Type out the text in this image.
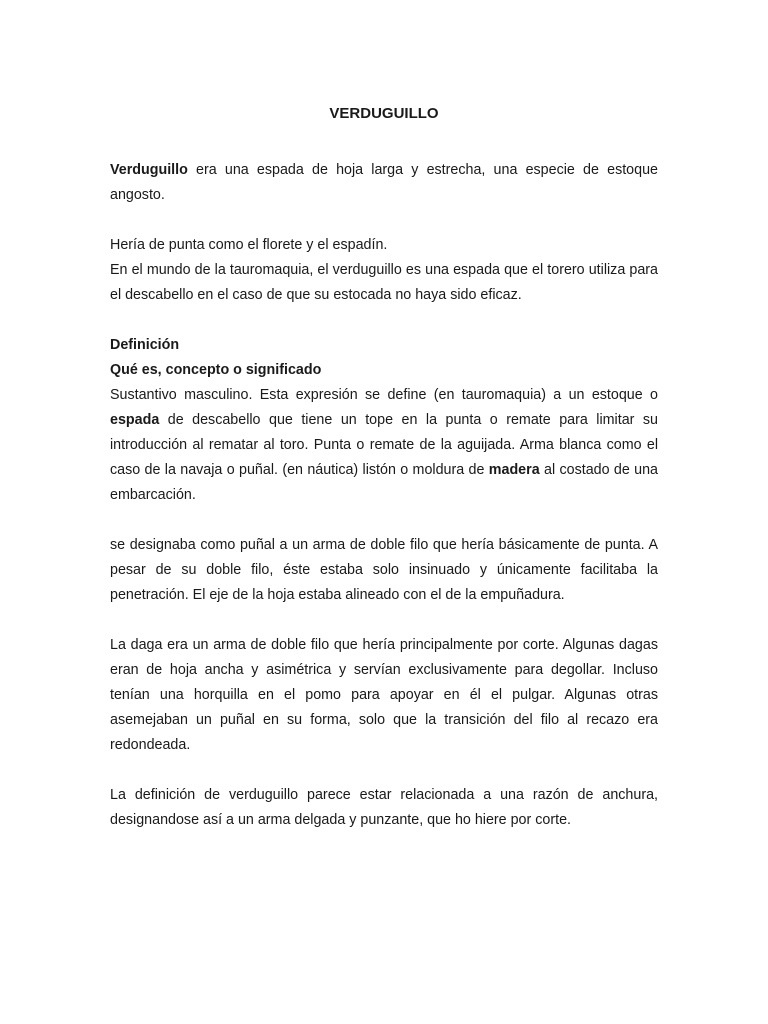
VERDUGUILLO

Verduguillo era una espada de hoja larga y estrecha, una especie de estoque angosto.

Hería de punta como el florete y el espadín.

En el mundo de la tauromaquia, el verduguillo es una espada que el torero utiliza para el descabello en el caso de que su estocada no haya sido eficaz.

Definición

Qué es, concepto o significado

Sustantivo masculino. Esta expresión se define (en tauromaquia) a un estoque o espada de descabello que tiene un tope en la punta o remate para limitar su introducción al rematar al toro. Punta o remate de la aguijada. Arma blanca como el caso de la navaja o puñal. (en náutica) listón o moldura de madera al costado de una embarcación.

se designaba como puñal a un arma de doble filo que hería básicamente de punta. A pesar de su doble filo, éste estaba solo insinuado y únicamente facilitaba la penetración. El eje de la hoja estaba alineado con el de la empuñadura.

La daga era un arma de doble filo que hería principalmente por corte. Algunas dagas eran de hoja ancha y asimétrica y servían exclusivamente para degollar. Incluso tenían una horquilla en el pomo para apoyar en él el pulgar. Algunas otras asemejaban un puñal en su forma, solo que la transición del filo al recazo era redondeada.

La definición de verduguillo parece estar relacionada a una razón de anchura, designandose así a un arma delgada y punzante, que ho hiere por corte.
